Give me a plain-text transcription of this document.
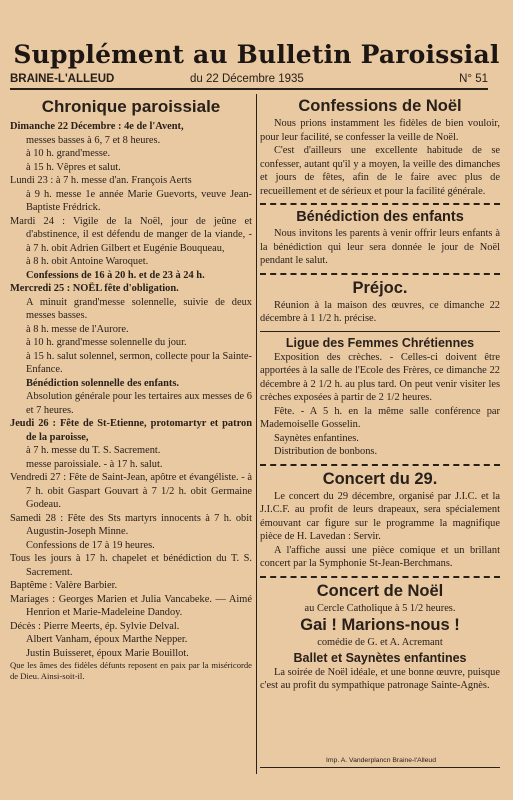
Supplément au Bulletin Paroissial
BRAINE-L'ALLEUD	du 22 Décembre 1935	N° 51
Chronique paroissiale

Dimanche 22 Décembre : 4e de l'Avent,

messes basses à 6, 7 et 8 heures.

à 10 h. grand'messe.

à 15 h. Vêpres et salut.

Lundi 23 : à 7 h. messe d'an. François Aerts

à 9 h. messe 1e année Marie Guevorts, veuve Jean-Baptiste Frédrick.

Mardi 24 : Vigile de la Noël, jour de jeûne et d'abstinence, il est défendu de manger de la viande, - à 7 h. obit Adrien Gilbert et Eugénie Bouqueau,

à 8 h. obit Antoine Waroquet.

Confessions de 16 à 20 h. et de 23 à 24 h.

Mercredi 25 : NOËL fête d'obligation.

A minuit grand'messe solennelle, suivie de deux messes basses.

à 8 h. messe de l'Aurore.

à 10 h. grand'messe solennelle du jour.

à 15 h. salut solennel, sermon, collecte pour la Sainte-Enfance.

Bénédiction solennelle des enfants.

Absolution générale pour les tertaires aux messes de 6 et 7 heures.

Jeudi 26 : Fête de St-Etienne, protomartyr et patron de la paroisse,

à 7 h. messe du T. S. Sacrement.

messe paroissiale. - à 17 h. salut.

Vendredi 27 : Fête de Saint-Jean, apôtre et évangéliste. - à 7 h. obit Gaspart Gouvart à 7 1/2 h. obit Germaine Godeau.

Samedi 28 : Fête des Sts martyrs innocents à 7 h. obit Augustin-Joseph Minne.

Confessions de 17 à 19 heures.

Tous les jours à 17 h. chapelet et bénédiction du T. S. Sacrement.

Baptême : Valère Barbier.

Mariages : Georges Marien et Julia Vancabeke. — Aimé Henrion et Marie-Madeleine Dandoy.

Décès : Pierre Meerts, ép. Sylvie Delval.

Albert Vanham, époux Marthe Nepper.

Justin Buisseret, époux Marie Bouillot.

Que les âmes des fidèles défunts reposent en paix par la miséricorde de Dieu. Ainsi-soit-il.

Confessions de Noël

Nous prions instamment les fidèles de bien vouloir, pour leur facilité, se confesser la veille de Noël.

C'est d'ailleurs une excellente habitude de se confesser, autant qu'il y a moyen, la veille des dimanches et jours de fêtes, afin de le faire avec plus de recueillement et de sérieux et pour la facilité générale.

Bénédiction des enfants

Nous invitons les parents à venir offrir leurs enfants à la bénédiction qui leur sera donnée le jour de Noël pendant le salut.

Préjoc.

Réunion à la maison des œuvres, ce dimanche 22 décembre à 1 1/2 h. précise.

Ligue des Femmes Chrétiennes

Exposition des crèches. - Celles-ci doivent être apportées à la salle de l'Ecole des Frères, ce dimanche 22 décembre à 2 1/2 h. au plus tard. On peut venir visiter les crèches exposées à partir de 2 1/2 heures.

Fête. - A 5 h. en la même salle conférence par Mademoiselle Gosselin.

Saynètes enfantines.

Distribution de bonbons.

Concert du 29.

Le concert du 29 décembre, organisé par J.I.C. et la J.I.C.F. au profit de leurs drapeaux, sera spécialement émouvant car figure sur le programme la magnifique pièce de H. Lavedan : Servir.

A l'affiche aussi une pièce comique et un brillant concert par la Symphonie St-Jean-Berchmans.

Concert de Noël

au Cercle Catholique à 5 1/2 heures.

Gai ! Marions-nous !

comédie de G. et A. Acremant

Ballet et Saynètes enfantines

La soirée de Noël idéale, et une bonne œuvre, puisque c'est au profit du sympathique patronage Sainte-Agnès.

Imp. A. Vanderplancn Braine-l'Alleud
